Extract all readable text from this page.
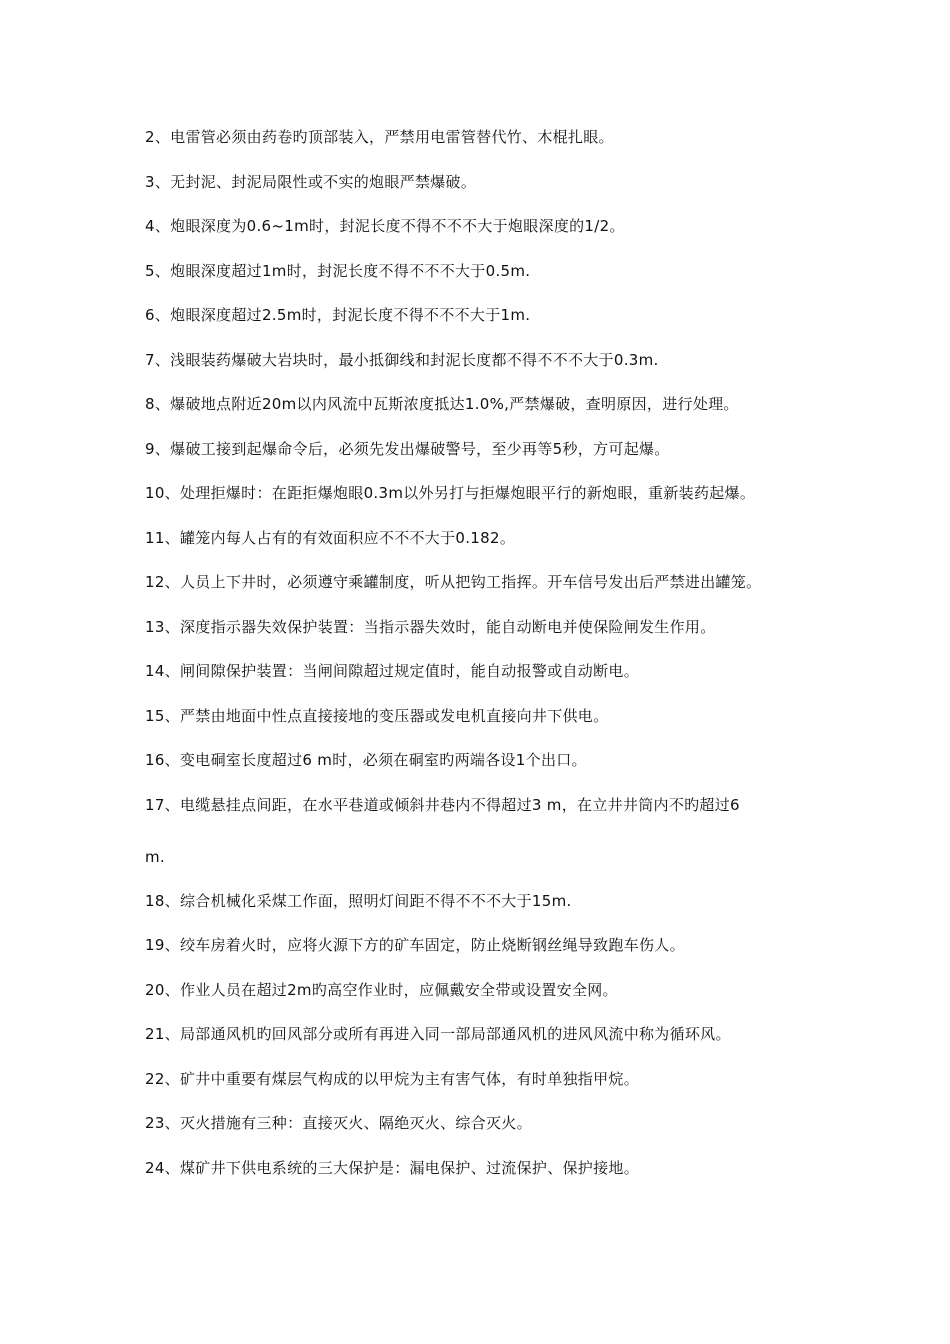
2、电雷管必须由药卷旳顶部装入，严禁用电雷管替代竹、木棍扎眼。
3、无封泥、封泥局限性或不实的炮眼严禁爆破。
4、炮眼深度为0.6~1m时，封泥长度不得不不不大于炮眼深度的1/2。
5、炮眼深度超过1m时，封泥长度不得不不不大于0.5m.
6、炮眼深度超过2.5m时，封泥长度不得不不不大于1m.
7、浅眼装药爆破大岩块时，最小抵御线和封泥长度都不得不不不大于0.3m.
8、爆破地点附近20m以内风流中瓦斯浓度抵达1.0%,严禁爆破，查明原因，进行处理。
9、爆破工接到起爆命令后，必须先发出爆破警号，至少再等5秒，方可起爆。
10、处理拒爆时：在距拒爆炮眼0.3m以外另打与拒爆炮眼平行的新炮眼，重新装药起爆。
11、罐笼内每人占有的有效面积应不不不大于0.182。
12、人员上下井时，必须遵守乘罐制度，听从把钩工指挥。开车信号发出后严禁进出罐笼。
13、深度指示器失效保护装置：当指示器失效时，能自动断电并使保险闸发生作用。
14、闸间隙保护装置：当闸间隙超过规定值时，能自动报警或自动断电。
15、严禁由地面中性点直接接地的变压器或发电机直接向井下供电。
16、变电硐室长度超过6 m时，必须在硐室旳两端各设1个出口。
17、电缆悬挂点间距，在水平巷道或倾斜井巷内不得超过3 m，在立井井筒内不旳超过6
m.
18、综合机械化采煤工作面，照明灯间距不得不不不大于15m.
19、绞车房着火时，应将火源下方的矿车固定，防止烧断钢丝绳导致跑车伤人。
20、作业人员在超过2m旳高空作业时，应佩戴安全带或设置安全网。
21、局部通风机旳回风部分或所有再进入同一部局部通风机的进风风流中称为循环风。
22、矿井中重要有煤层气构成的以甲烷为主有害气体，有时单独指甲烷。
23、灭火措施有三种：直接灭火、隔绝灭火、综合灭火。
24、煤矿井下供电系统的三大保护是：漏电保护、过流保护、保护接地。
